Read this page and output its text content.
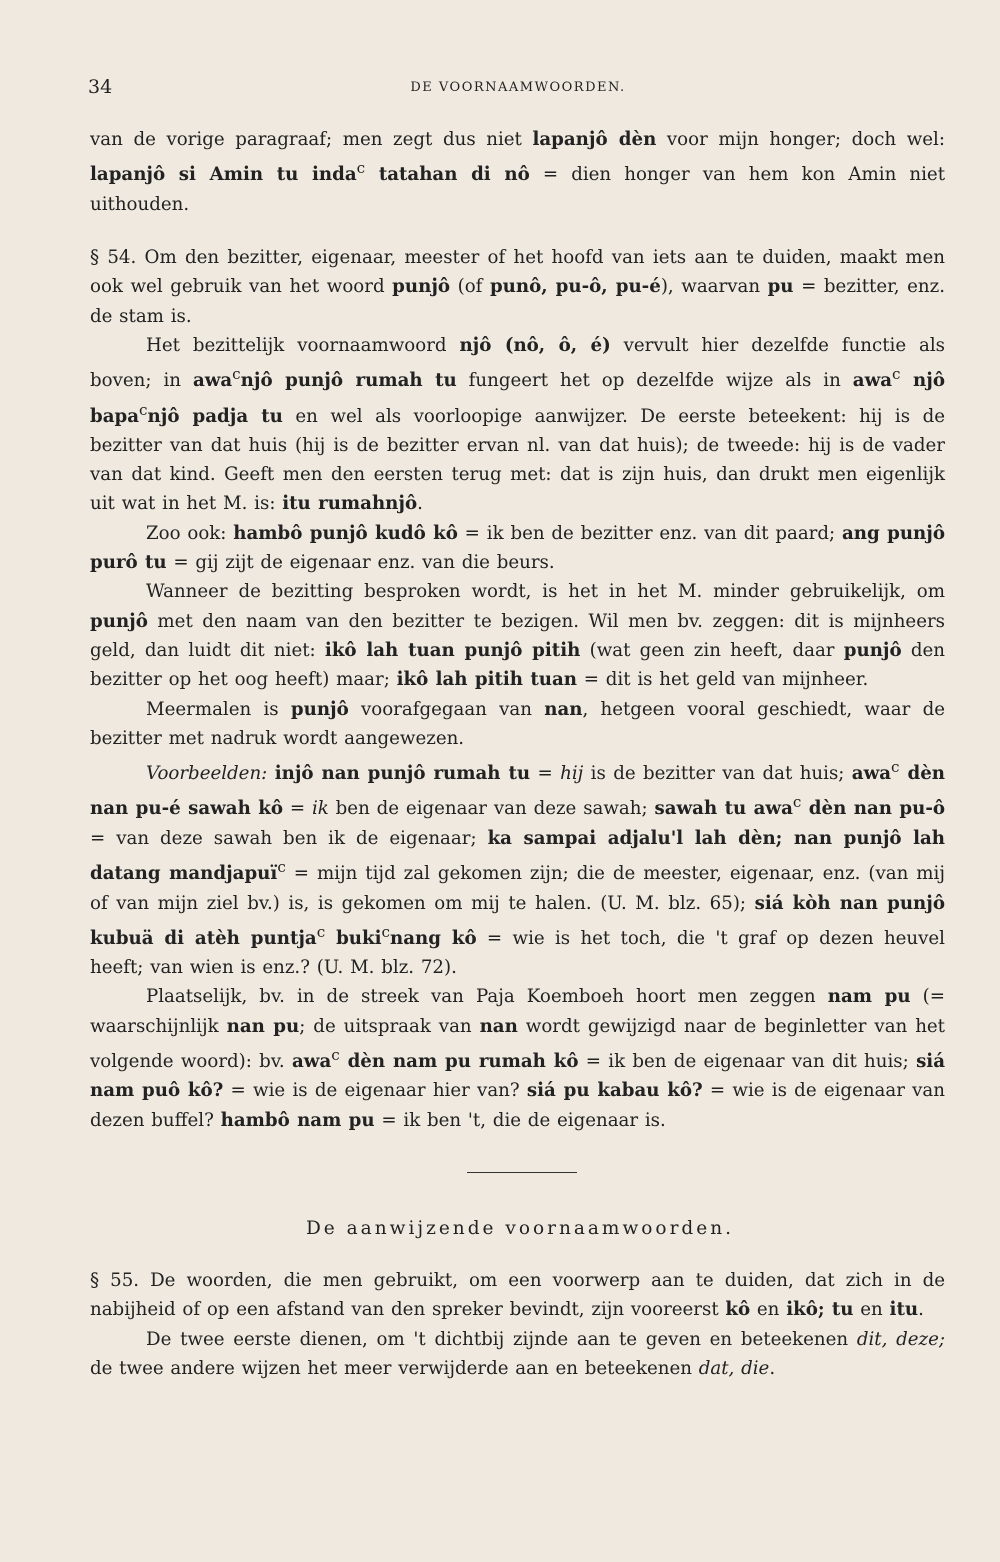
34	DE VOORNAAMWOORDEN.

van de vorige paragraaf; men zegt dus niet lapanjô dèn voor mijn honger; doch wel: lapanjô si Amin tu inda$^c$ tatahan di nô = dien honger van hem kon Amin niet uithouden.

§ 54. Om den bezitter, eigenaar, meester of het hoofd van iets aan te duiden, maakt men ook wel gebruik van het woord punjô (of punô, pu-ô, pu-é), waarvan pu = bezitter, enz. de stam is.

Het bezittelijk voornaamwoord njô (nô, ô, é) vervult hier dezelfde functie als boven; in awa$^c$njô punjô rumah tu fungeert het op dezelfde wijze als in awa$^c$ njô bapa$^c$njô padja tu en wel als voorloopige aanwijzer. De eerste beteekent: hij is de bezitter van dat huis (hij is de bezitter ervan nl. van dat huis); de tweede: hij is de vader van dat kind. Geeft men den eersten terug met: dat is zijn huis, dan drukt men eigenlijk uit wat in het M. is: itu rumahnjô.

Zoo ook: hambô punjô kudô kô = ik ben de bezitter enz. van dit paard; ang punjô purô tu = gij zijt de eigenaar enz. van die beurs.

Wanneer de bezitting besproken wordt, is het in het M. minder gebruikelijk, om punjô met den naam van den bezitter te bezigen. Wil men bv. zeggen: dit is mijnheers geld, dan luidt dit niet: ikô lah tuan punjô pitih (wat geen zin heeft, daar punjô den bezitter op het oog heeft) maar; ikô lah pitih tuan = dit is het geld van mijnheer.

Meermalen is punjô voorafgegaan van nan, hetgeen vooral geschiedt, waar de bezitter met nadruk wordt aangewezen.

Voorbeelden: injô nan punjô rumah tu = hij is de bezitter van dat huis; awa$^c$ dèn nan pu-é sawah kô = ik ben de eigenaar van deze sawah; sawah tu awa$^c$ dèn nan pu-ô = van deze sawah ben ik de eigenaar; ka sampai adjalu'l lah dèn; nan punjô lah datang mandjapuï$^c$ = mijn tijd zal gekomen zijn; die de meester, eigenaar, enz. (van mij of van mijn ziel bv.) is, is gekomen om mij te halen. (U. M. blz. 65); siá kòh nan punjô kubuä di atèh puntja$^c$ buki$^c$nang kô = wie is het toch, die 't graf op dezen heuvel heeft; van wien is enz.? (U. M. blz. 72).

Plaatselijk, bv. in de streek van Paja Koemboeh hoort men zeggen nam pu (= waarschijnlijk nan pu; de uitspraak van nan wordt gewijzigd naar de beginletter van het volgende woord): bv. awa$^c$ dèn nam pu rumah kô = ik ben de eigenaar van dit huis; siá nam puô kô? = wie is de eigenaar hier van? siá pu kabau kô? = wie is de eigenaar van dezen buffel? hambô nam pu = ik ben 't, die de eigenaar is.

De aanwijzende voornaamwoorden.

§ 55. De woorden, die men gebruikt, om een voorwerp aan te duiden, dat zich in de nabijheid of op een afstand van den spreker bevindt, zijn vooreerst kô en ikô; tu en itu.

De twee eerste dienen, om 't dichtbij zijnde aan te geven en beteekenen dit, deze; de twee andere wijzen het meer verwijderde aan en beteekenen dat, die.
